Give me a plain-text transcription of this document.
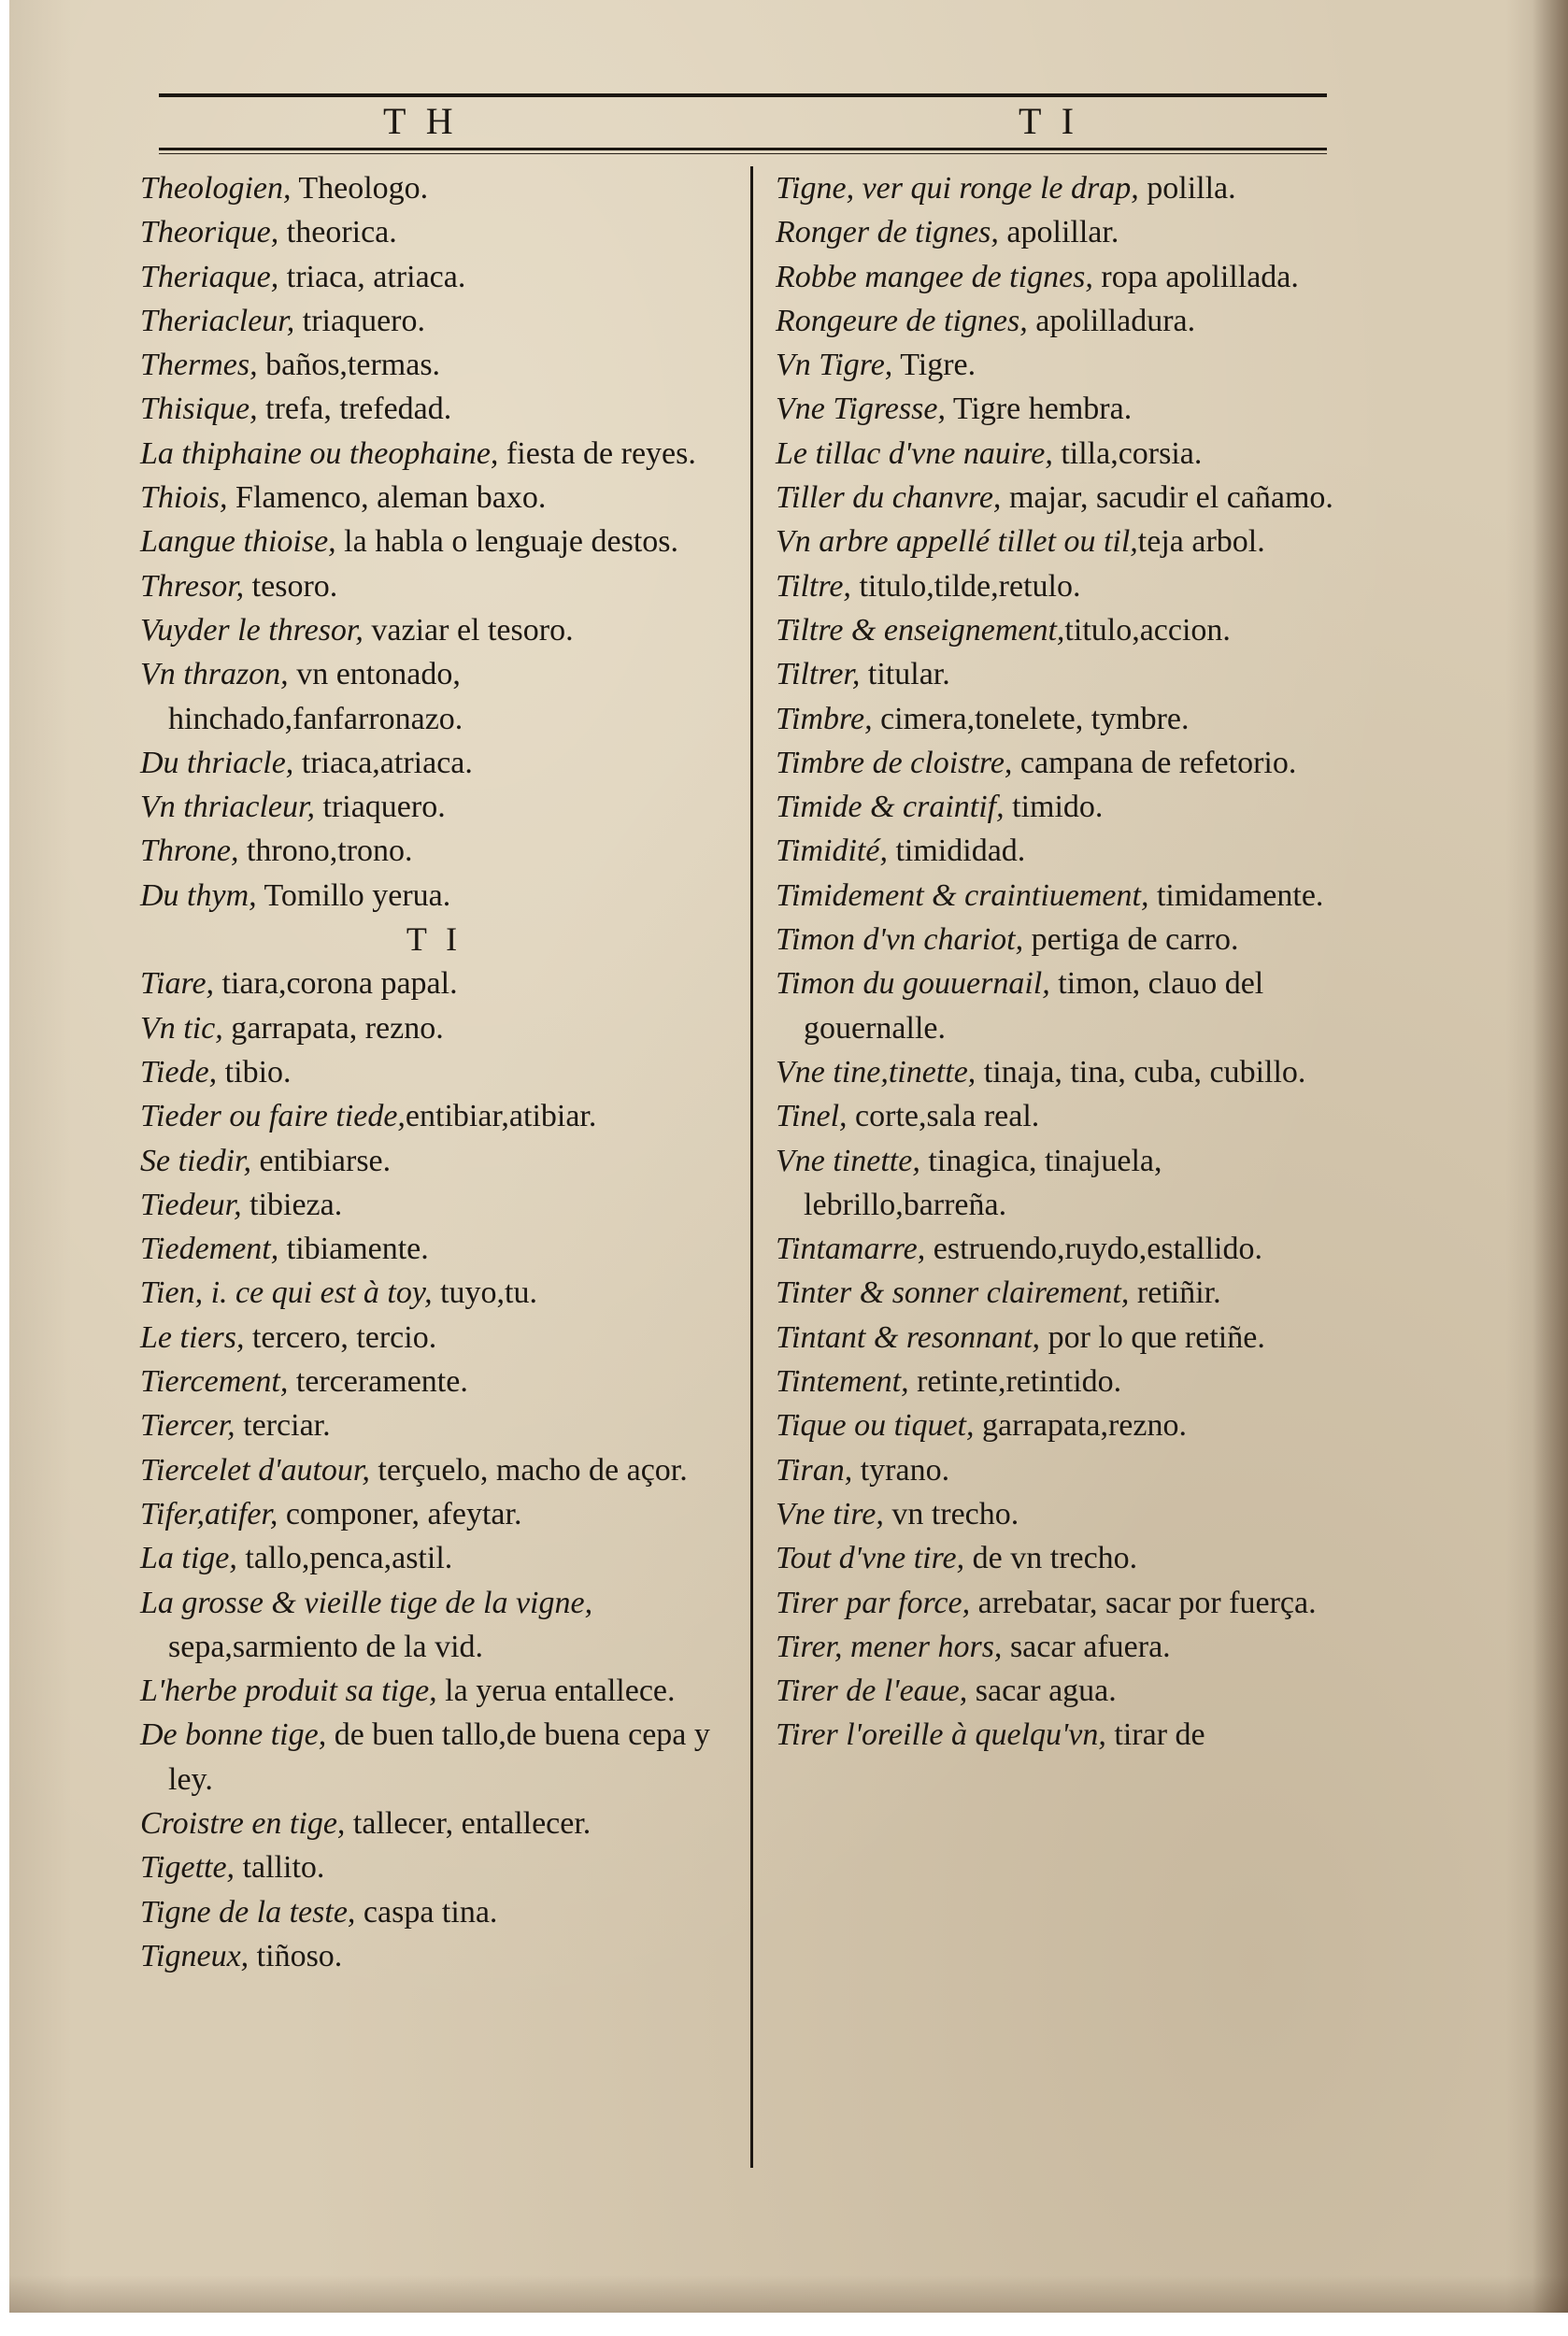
T H	T I
Theologien, Theologo.
Theorique, theorica.
Theriaque, triaca, atriaca.
Theriacleur, triaquero.
Thermes, baños,termas.
Thisique, trefa, trefedad.
La thiphaine ou theophaine, fiesta de reyes.
Thiois, Flamenco, aleman baxo.
Langue thioise, la habla o lenguaje destos.
Thresor, tesoro.
Vuyder le thresor, vaziar el tesoro.
Vn thrazon, vn entonado, hinchado,fanfarronazo.
Du thriacle, triaca,atriaca.
Vn thriacleur, triaquero.
Throne, throno,trono.
Du thym, Tomillo yerua.
T I
Tiare, tiara,corona papal.
Vn tic, garrapata, rezno.
Tiede, tibio.
Tieder ou faire tiede,entibiar,atibiar.
Se tiedir, entibiarse.
Tiedeur, tibieza.
Tiedement, tibiamente.
Tien, i. ce qui est à toy, tuyo,tu.
Le tiers, tercero, tercio.
Tiercement, terceramente.
Tiercer, terciar.
Tiercelet d'autour, terçuelo, macho de açor.
Tifer,atifer, componer, afeytar.
La tige, tallo,penca,astil.
La grosse & vieille tige de la vigne, sepa,sarmiento de la vid.
L'herbe produit sa tige, la yerua entallece.
De bonne tige, de buen tallo,de buena cepa y ley.
Croistre en tige, tallecer, entallecer.
Tigette, tallito.
Tigne de la teste, caspa tina.
Tigneux, tiñoso.
Tigne, ver qui ronge le drap, polilla.
Ronger de tignes, apolillar.
Robbe mangee de tignes, ropa apolillada.
Rongeure de tignes, apolilladura.
Vn Tigre, Tigre.
Vne Tigresse, Tigre hembra.
Le tillac d'vne nauire, tilla,corsia.
Tiller du chanvre, majar, sacudir el cañamo.
Vn arbre appellé tillet ou til,teja arbol.
Tiltre, titulo,tilde,retulo.
Tiltre & enseignement,titulo,accion.
Tiltrer, titular.
Timbre, cimera,tonelete, tymbre.
Timbre de cloistre, campana de refetorio.
Timide & craintif, timido.
Timidité, timididad.
Timidement & craintiuement, timidamente.
Timon d'vn chariot, pertiga de carro.
Timon du gouuernail, timon, clauo del gouernalle.
Vne tine,tinette, tinaja, tina, cuba, cubillo.
Tinel, corte,sala real.
Vne tinette, tinagica, tinajuela, lebrillo,barreña.
Tintamarre, estruendo,ruydo,estallido.
Tinter & sonner clairement, retiñir.
Tintant & resonnant, por lo que retiñe.
Tintement, retinte,retintido.
Tique ou tiquet, garrapata,rezno.
Tiran, tyrano.
Vne tire, vn trecho.
Tout d'vne tire, de vn trecho.
Tirer par force, arrebatar, sacar por fuerça.
Tirer, mener hors, sacar afuera.
Tirer de l'eaue, sacar agua.
Tirer l'oreille à quelqu'vn, tirar de
